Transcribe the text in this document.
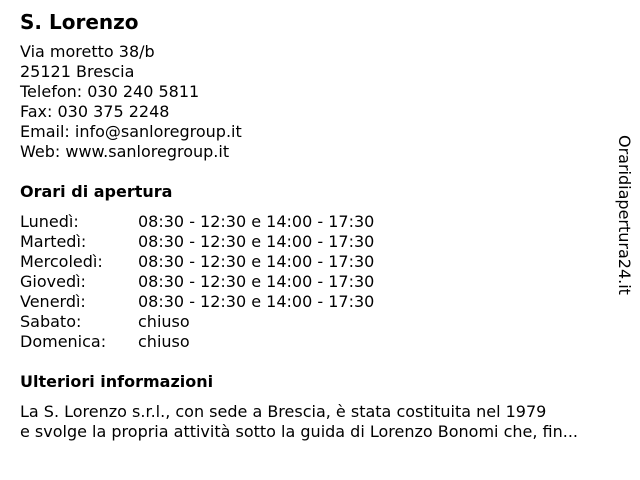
S. Lorenzo
Via moretto 38/b
25121 Brescia
Telefon: 030 240 5811
Fax: 030 375 2248
Email: info@sanloregroup.it
Web: www.sanloregroup.it
Orari di apertura
Lunedì:	08:30 - 12:30 e 14:00 - 17:30
Martedì:	08:30 - 12:30 e 14:00 - 17:30
Mercoledì:	08:30 - 12:30 e 14:00 - 17:30
Giovedì:	08:30 - 12:30 e 14:00 - 17:30
Venerdì:	08:30 - 12:30 e 14:00 - 17:30
Sabato:	chiuso
Domenica:	chiuso
Ulteriori informazioni
La S. Lorenzo s.r.l., con sede a Brescia, è stata costituita nel 1979
e svolge la propria attività sotto la guida di Lorenzo Bonomi che, fin...
Oraridiapertura24.it
